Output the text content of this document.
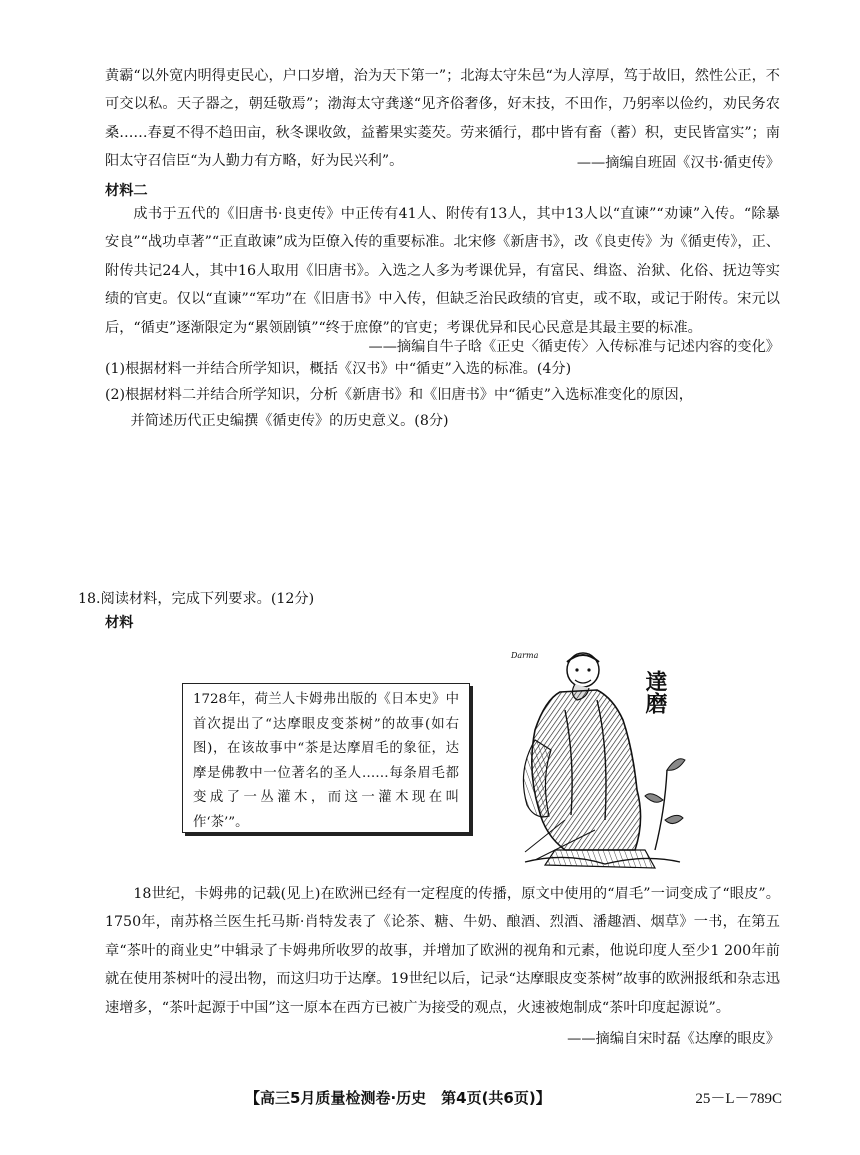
黄霸“以外宽内明得吏民心，户口岁增，治为天下第一”；北海太守朱邑“为人淳厚，笃于故旧，然性公正，不可交以私。天子器之，朝廷敬焉”；渤海太守龚遂“见齐俗奢侈，好末技，不田作，乃躬率以俭约，劝民务农桑……春夏不得不趋田亩，秋冬课收敛，益蓄果实菱芡。劳来循行，郡中皆有畜（蓄）积，吏民皆富实”；南阳太守召信臣“为人勤力有方略，好为民兴利”。	——摘编自班固《汉书·循吏传》

材料二

成书于五代的《旧唐书·良吏传》中正传有41人、附传有13人，其中13人以“直谏”“劝谏”入传。“除暴安良”“战功卓著”“正直敢谏”成为臣僚入传的重要标准。北宋修《新唐书》，改《良吏传》为《循吏传》，正、附传共记24人，其中16人取用《旧唐书》。入选之人多为考课优异，有富民、缉盗、治狱、化俗、抚边等实绩的官吏。仅以“直谏”“军功”在《旧唐书》中入传，但缺乏治民政绩的官吏，或不取，或记于附传。宋元以后，“循吏”逐渐限定为“累领剧镇”“终于庶僚”的官吏；考课优异和民心民意是其最主要的标准。

——摘编自牛子晗《正史〈循吏传〉入传标准与记述内容的变化》

(1)根据材料一并结合所学知识，概括《汉书》中“循吏”入选的标准。(4分)
(2)根据材料二并结合所学知识，分析《新唐书》和《旧唐书》中“循吏”入选标准变化的原因，
并简述历代正史编撰《循吏传》的历史意义。(8分)

18.阅读材料，完成下列要求。(12分)

材料

1728年，荷兰人卡姆弗出版的《日本史》中首次提出了“达摩眼皮变茶树”的故事(如右图)，在该故事中“茶是达摩眉毛的象征，达摩是佛教中一位著名的圣人……每条眉毛都变成了一丛灌木，而这一灌木现在叫作‘茶’”。
Darma
達磨

18世纪，卡姆弗的记载(见上)在欧洲已经有一定程度的传播，原文中使用的“眉毛”一词变成了“眼皮”。1750年，南苏格兰医生托马斯·肖特发表了《论茶、糖、牛奶、酿酒、烈酒、潘趣酒、烟草》一书，在第五章“茶叶的商业史”中辑录了卡姆弗所收罗的故事，并增加了欧洲的视角和元素，他说印度人至少1 200年前就在使用茶树叶的浸出物，而这归功于达摩。19世纪以后，记录“达摩眼皮变茶树”故事的欧洲报纸和杂志迅速增多，“茶叶起源于中国”这一原本在西方已被广为接受的观点，火速被炮制成“茶叶印度起源说”。

——摘编自宋时磊《达摩的眼皮》

【高三5月质量检测卷·历史　第4页(共6页)】	25－L－789C
